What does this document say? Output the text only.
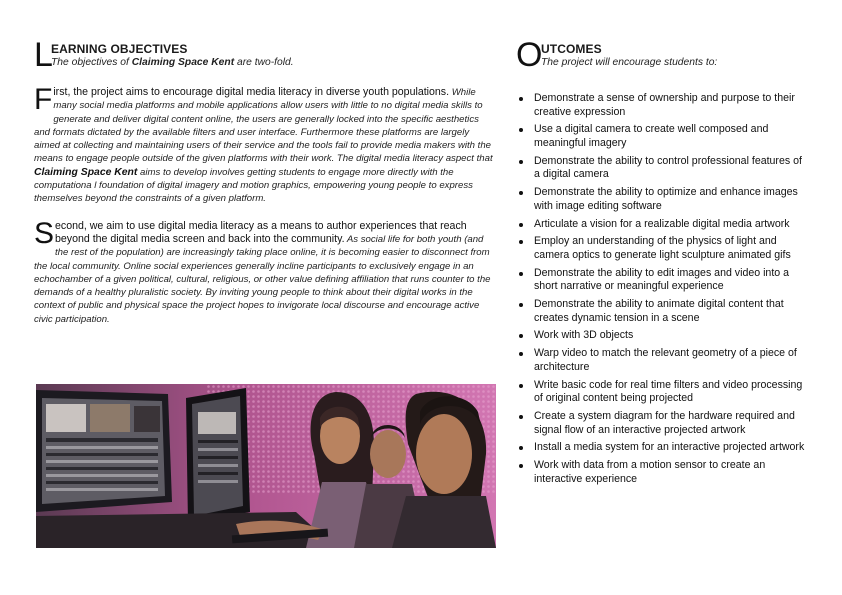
L
EARNING OBJECTIVES
The objectives of Claiming Space Kent are two-fold.
First, the project aims to encourage digital media literacy in diverse youth populations. While many social media platforms and mobile applications allow users with little to no digital media skills to generate and deliver digital content online, the users are generally locked into the specific aesthetics and formats dictated by the available filters and user interface. Furthermore these platforms are largely aimed at collecting and maintaining users of their service and the tools fail to provide media makers with the means to engage people outside of the given platforms with their work. The digital media literacy aspect that Claiming Space Kent aims to develop involves getting students to engage more directly with the computationa l foundation of digital imagery and motion graphics, empowering young people to express themselves beyond the constraints of a given platform.
Second, we aim to use digital media literacy as a means to author experiences that reach beyond the digital media screen and back into the community. As social life for both youth (and the rest of the population) are increasingly taking place online, it is becoming easier to disconnect from the local community. Online social experiences generally incline participants to exclusively engage in an echochamber of a given political, cultural, religious, or other value defining affiliation that runs counter to the demands of a healthy pluralistic society. By inviting young people to think about their digital works in the context of public and physical space the project hopes to invigorate local discourse and encourage active civic participation.
O
UTCOMES
The project will encourage students to:
Demonstrate a sense of ownership and purpose to their creative expression
Use a digital camera to create well composed and meaningful imagery
Demonstrate the ability to control professional features of a digital camera
Demonstrate the ability to optimize and enhance images with image editing software
Articulate a vision for a realizable digital media artwork
Employ an understanding of the physics of light and camera optics to generate light sculpture animated gifs
Demonstrate the ability to edit images and video into a short narrative or meaningful experience
Demonstrate the ability to animate digital content that creates dynamic tension in a scene
Work with 3D objects
Warp video to match the relevant geometry of a piece of architecture
Write basic code for real time filters and video processing of original content being projected
Create a system diagram for the hardware required and signal flow of an interactive projected artwork
Install a media system for an interactive projected artwork
Work with data from a motion sensor to create an interactive experience
